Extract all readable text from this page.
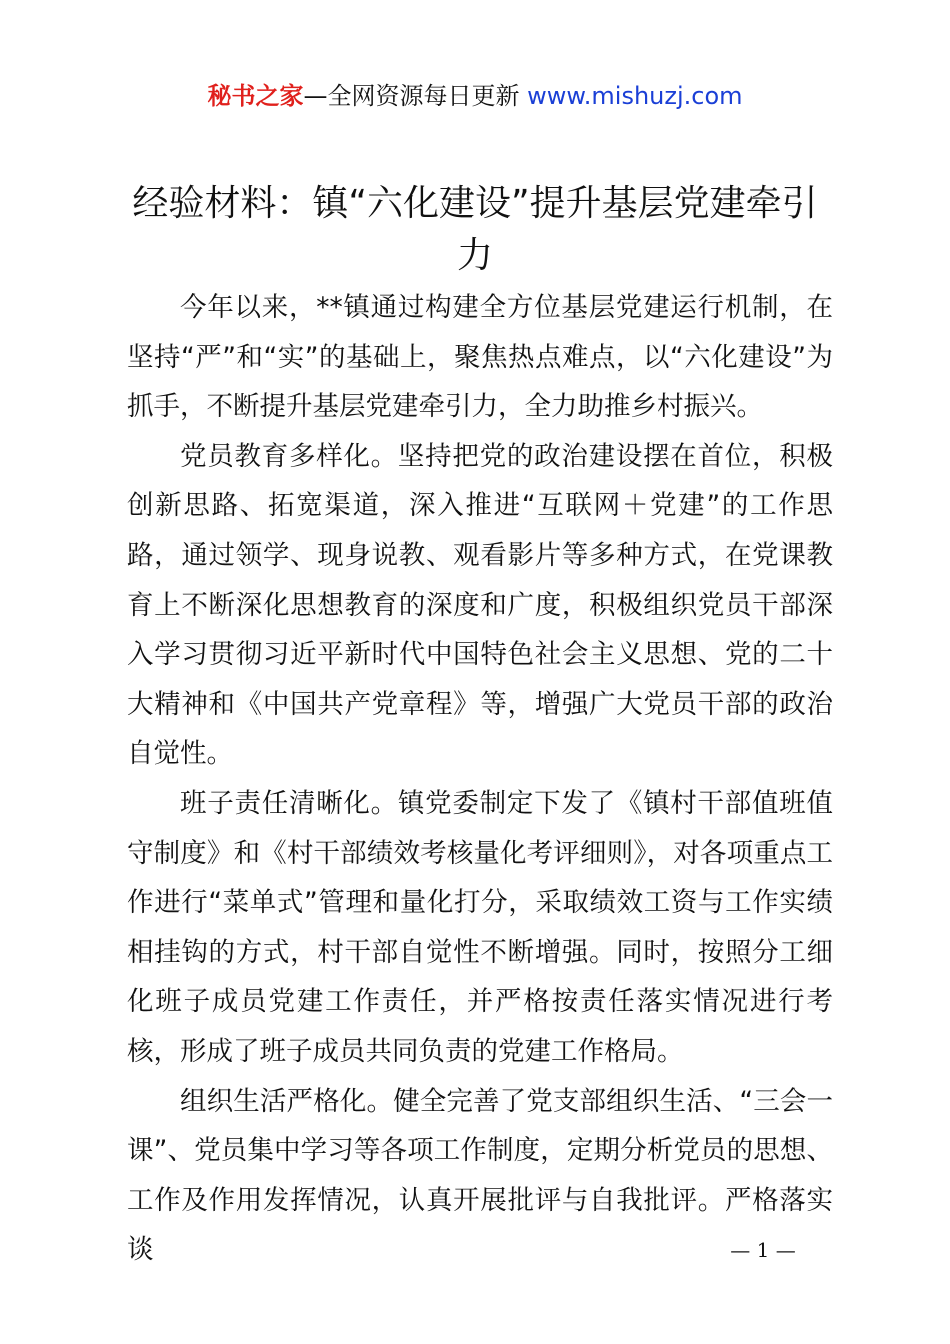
秘书之家—全网资源每日更新 www.mishuzj.com
经验材料：镇“六化建设”提升基层党建牵引力

今年以来，**镇通过构建全方位基层党建运行机制，在坚持“严”和“实”的基础上，聚焦热点难点，以“六化建设”为抓手，不断提升基层党建牵引力，全力助推乡村振兴。

党员教育多样化。坚持把党的政治建设摆在首位，积极创新思路、拓宽渠道，深入推进“互联网＋党建”的工作思路，通过领学、现身说教、观看影片等多种方式，在党课教育上不断深化思想教育的深度和广度，积极组织党员干部深入学习贯彻习近平新时代中国特色社会主义思想、党的二十大精神和《中国共产党章程》等，增强广大党员干部的政治自觉性。

班子责任清晰化。镇党委制定下发了《镇村干部值班值守制度》和《村干部绩效考核量化考评细则》，对各项重点工作进行“菜单式”管理和量化打分，采取绩效工资与工作实绩相挂钩的方式，村干部自觉性不断增强。同时，按照分工细化班子成员党建工作责任，并严格按责任落实情况进行考核，形成了班子成员共同负责的党建工作格局。

组织生活严格化。健全完善了党支部组织生活、“三会一课”、党员集中学习等各项工作制度，定期分析党员的思想、工作及作用发挥情况，认真开展批评与自我批评。严格落实谈	— 1 —
